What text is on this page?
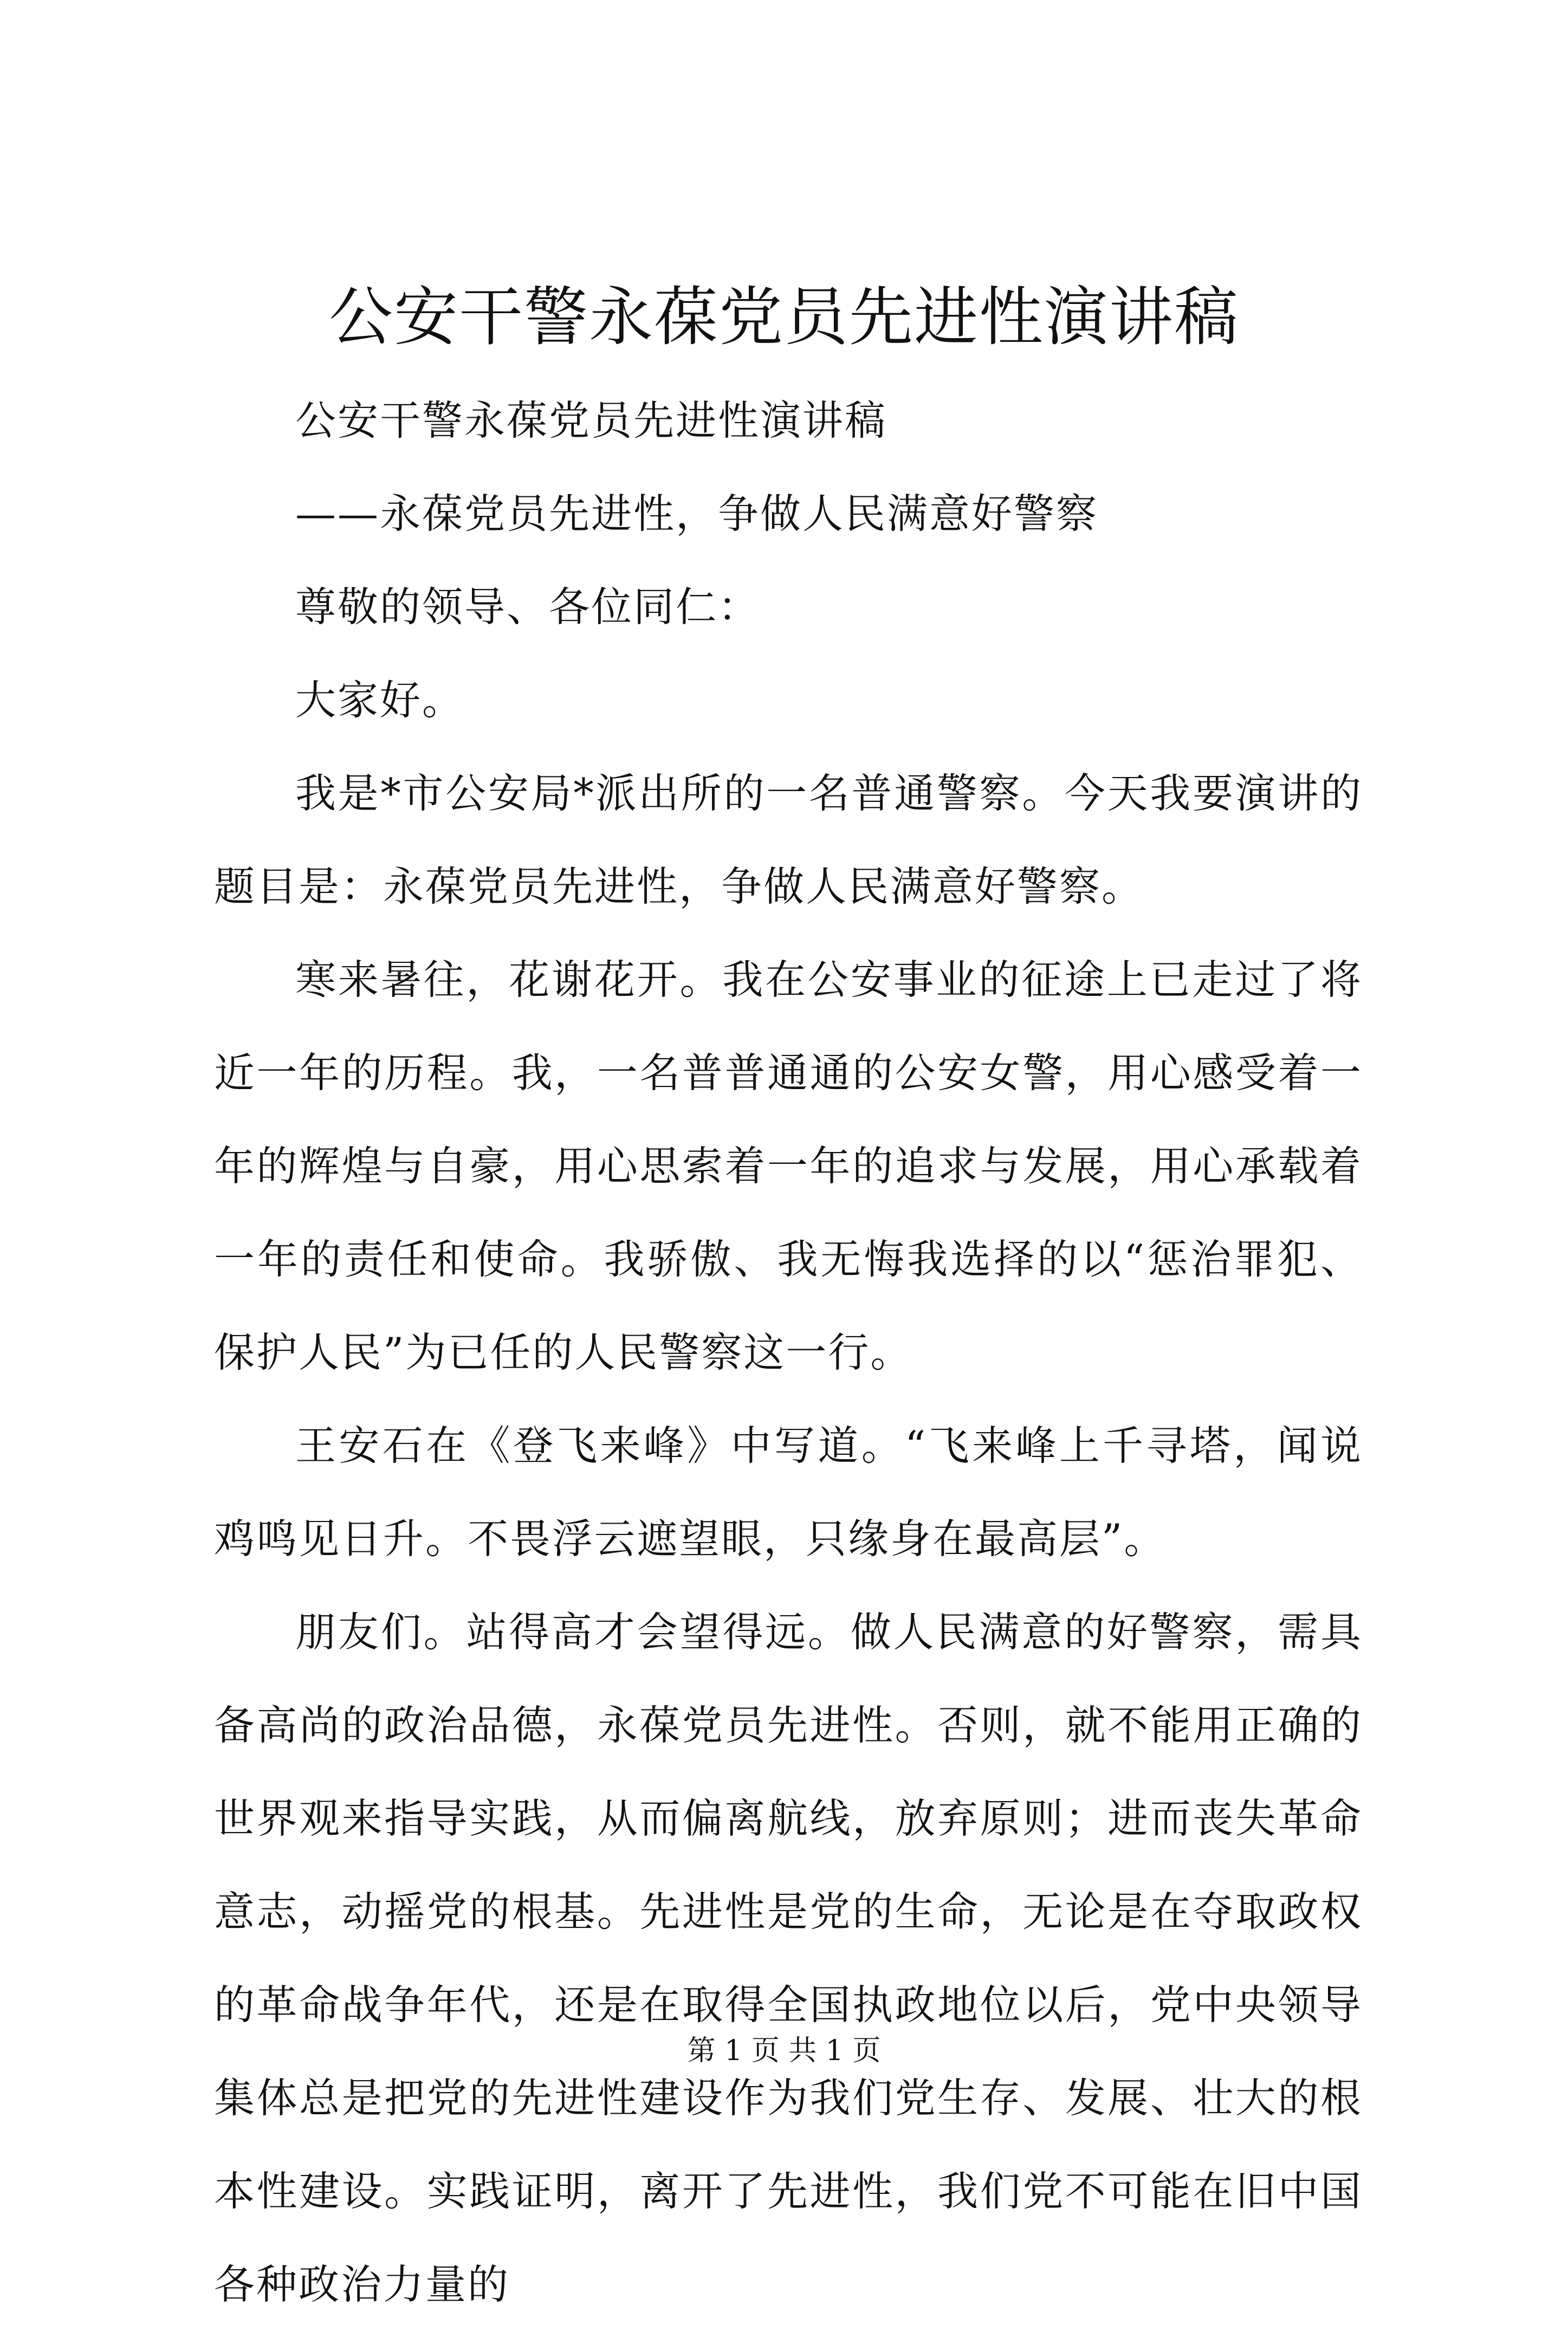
公安干警永葆党员先进性演讲稿

公安干警永葆党员先进性演讲稿

——永葆党员先进性，争做人民满意好警察

尊敬的领导、各位同仁：

大家好。

我是*市公安局*派出所的一名普通警察。今天我要演讲的题目是：永葆党员先进性，争做人民满意好警察。

寒来暑往，花谢花开。我在公安事业的征途上已走过了将近一年的历程。我，一名普普通通的公安女警，用心感受着一年的辉煌与自豪，用心思索着一年的追求与发展，用心承载着一年的责任和使命。我骄傲、我无悔我选择的以“惩治罪犯、保护人民”为已任的人民警察这一行。

王安石在《登飞来峰》中写道。“飞来峰上千寻塔，闻说鸡鸣见日升。不畏浮云遮望眼，只缘身在最高层”。

朋友们。站得高才会望得远。做人民满意的好警察，需具备高尚的政治品德，永葆党员先进性。否则，就不能用正确的世界观来指导实践，从而偏离航线，放弃原则；进而丧失革命意志，动摇党的根基。先进性是党的生命，无论是在夺取政权的革命战争年代，还是在取得全国执政地位以后，党中央领导集体总是把党的先进性建设作为我们党生存、发展、壮大的根本性建设。实践证明，离开了先进性，我们党不可能在旧中国各种政治力量的

第 1 页 共 1 页
